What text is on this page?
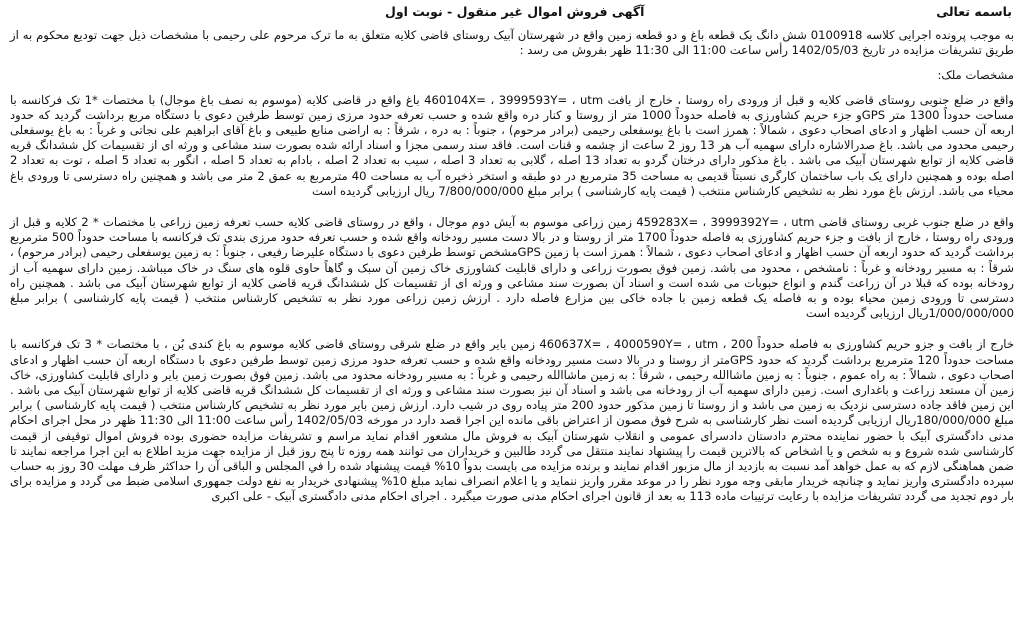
باسمه تعالی
آگهی فروش اموال غیر منقول - نوبت اول

به موجب پرونده اجرایی کلاسه 0100918 شش دانگ یک قطعه باغ و دو قطعه زمین واقع در شهرستان آبیک روستای قاضی کلایه متعلق به ما ترک مرحوم علی رحیمی با مشخصات ذیل جهت تودیع محکوم به از طریق تشریفات مزایده در تاریخ 1402/05/03 رأس ساعت 11:00 الی 11:30 ظهر بفروش می رسد :

مشخصات ملک:

واقع در ضلع جنوبی روستای قاضی کلایه و قبل از ورودی راه روستا ، خارج از بافت 460104X= ، 3999593Y= ، utm باغ واقع در قاضی کلایه (موسوم به نصف باغ موجال) با مختصات *1 تک فرکانسه با مساحت حدوداً 1300 متر GPSو جزء حریم کشاورزی به فاصله حدوداً 1000 متر از روستا و کنار دره واقع شده و حسب تعرفه حدود مرزی زمین توسط طرفین دعوی با دستگاه مربع برداشت گردید که حدود اربعه آن حسب اظهار و ادعای اصحاب دعوی ، شمالاً : همرز است با باغ یوسفعلی رحیمی (برادر مرحوم) ، جنوباً : به دره ، شرقاً : به اراضی منابع طبیعی و باغ آقای ابراهیم علی نجاتی و غرباً : به باغ یوسفعلی رحیمی محدود می باشد. باغ صدرالاشاره دارای سهمیه آب هر 13 روز 2 ساعت از چشمه و قنات است. فاقد سند رسمی مجزا و اسناد ارائه شده بصورت سند مشاعی و ورثه ای از تقسیمات کل ششدانگ قریه قاضی کلایه از توابع شهرستان آبیک می باشد . باغ مذکور دارای درختان گردو به تعداد 13 اصله ، گلابی به تعداد 3 اصله ، سیب به تعداد 2 اصله ، بادام به تعداد 5 اصله ، انگور به تعداد 5 اصله ، توت به تعداد 2 اصله بوده و همچنین دارای یک باب ساختمان کارگری نسبتاً قدیمی به مساحت 35 مترمربع در دو طبقه و استخر ذخیره آب به مساحت 40 مترمربع به عمق 2 متر می باشد و همچنین راه دسترسی تا ورودی باغ محیاء می باشد. ارزش باغ مورد نظر به تشخیص کارشناس منتخب ( قیمت پایه کارشناسی ) برابر مبلغ 7/800/000/000 ریال ارزیابی گردیده است

واقع در ضلع جنوب غربی روستای قاضی 459283X= ، 3999392Y= ، utm زمین زراعی موسوم به آیش دوم موجال ، واقع در روستای قاضی کلایه حسب تعرفه زمین زراعی با مختصات * 2 کلایه و قبل از ورودی راه روستا ، خارج از بافت و جزء حریم کشاورزی به فاصله حدوداً 1700 متر از روستا و در بالا دست مسیر رودخانه واقع شده و حسب تعرفه حدود مرزی بندی تک فرکانسه با مساحت حدوداً 500 مترمربع برداشت گردید که حدود اربعه آن حسب اظهار و ادعای اصحاب دعوی ، شمالاً : همرز است با زمین GPSمشخص توسط طرفین دعوی با دستگاه علیرضا رفیعی ، جنوباً : به زمین یوسفعلی رحیمی (برادر مرحوم) ، شرقاً : به مسیر رودخانه و غرباً : نامشخص ، محدود می باشد. زمین فوق بصورت زراعی و دارای قابلیت کشاورزی خاک زمین آن سبک و گاهاً حاوی قلوه های سنگ در خاک میباشد. زمین دارای سهمیه آب از رودخانه بوده که قبلا در آن زراعت گندم و انواع حبوبات می شده است و اسناد آن بصورت سند مشاعی و ورثه ای از تقسیمات کل ششدانگ قریه قاضی کلایه از توابع شهرستان آبیک می باشد . همچنین راه دسترسی تا ورودی زمین محیاء بوده و به فاصله یک قطعه زمین با جاده خاکی بین مزارع فاصله دارد . ارزش زمین زراعی مورد نظر به تشخیص کارشناس منتخب ( قیمت پایه کارشناسی ) برابر مبلغ 1/000/000/000ریال ارزیابی گردیده است

خارج از بافت و جزو حریم کشاورزی به فاصله حدوداً 200 ، 460637X= ، 4000590Y= ، utm زمین بایر واقع در ضلع شرقی روستای قاضی کلایه موسوم به باغ کندی بُن ، با مختصات * 3 تک فرکانسه با مساحت حدوداً 120 مترمربع برداشت گردید که حدود GPSمتر از روستا و در بالا دست مسیر رودخانه واقع شده و حسب تعرفه حدود مرزی زمین توسط طرفین دعوی با دستگاه اربعه آن حسب اظهار و ادعای اصحاب دعوی ، شمالاً : به راه عموم ، جنوباً : به زمین ماشاالله رحیمی ، شرقاً : به زمین ماشاالله رحیمی و غرباً : به مسیر رودخانه محدود می باشد. زمین فوق بصورت زمین بایر و دارای قابلیت کشاورزی، خاک زمین آن مستعد زراعت و باغداری است. زمین دارای سهمیه آب از رودخانه می باشد و اسناد آن نیز بصورت سند مشاعی و ورثه ای از تقسیمات کل ششدانگ قریه قاضی کلایه از توابع شهرستان آبیک می باشد . این زمین فاقد جاده دسترسی نزدیک به زمین می باشد و از روستا تا زمین مذکور حدود 200 متر پیاده روی در شیب دارد. ارزش زمین بایر مورد نظر به تشخیص کارشناس منتخب ( قیمت پایه کارشناسی ) برابر مبلغ 180/000/000ریال ارزیابی گردیده است نظر کارشناسی به شرح فوق مصون از اعتراض باقی مانده این اجرا قصد دارد در مورخه 1402/05/03 رأس ساعت 11:00 الی 11:30 ظهر در محل اجرای احکام مدنی دادگستری آبیک با حضور نماینده محترم دادستان دادسرای عمومی و انقلاب شهرستان آبیک به فروش مال مشعور اقدام نماید مراسم و تشریفات مزایده حضوری بوده فروش اموال توقیفی از قیمت کارشناسی شده شروع و به شخص و یا اشخاص که بالاترین قیمت را پیشنهاد نمایند منتقل می گردد طالبین و خریداران می توانند همه روزه تا پنج روز قبل از مزایده جهت مزید اطلاع به این اجرا مراجعه نمایند تا ضمن هماهنگی لازم که به عمل خواهد آمد نسبت به بازدید از مال مزبور اقدام نمایند و برنده مزایده می بایست بدواً 10% قیمت پیشنهاد شده را في المجلس و الباقی آن را حداکثر ظرف مهلت 30 روز به حساب سپرده دادگستری واریز نماید و چنانچه خریدار مابقی وجه مورد نظر را در موعد مقرر واریز ننماید و یا اعلام انصراف نماید مبلغ 10% پیشنهادی خریدار به نفع دولت جمهوری اسلامی ضبط می گردد و مزایده برای بار دوم تجدید می گردد تشریفات مزایده با رعایت ترتیبات ماده 113 به بعد از قانون اجرای احکام مدنی صورت میگیرد . اجرای احکام مدنی دادگستری آبیک - علی اکبری
